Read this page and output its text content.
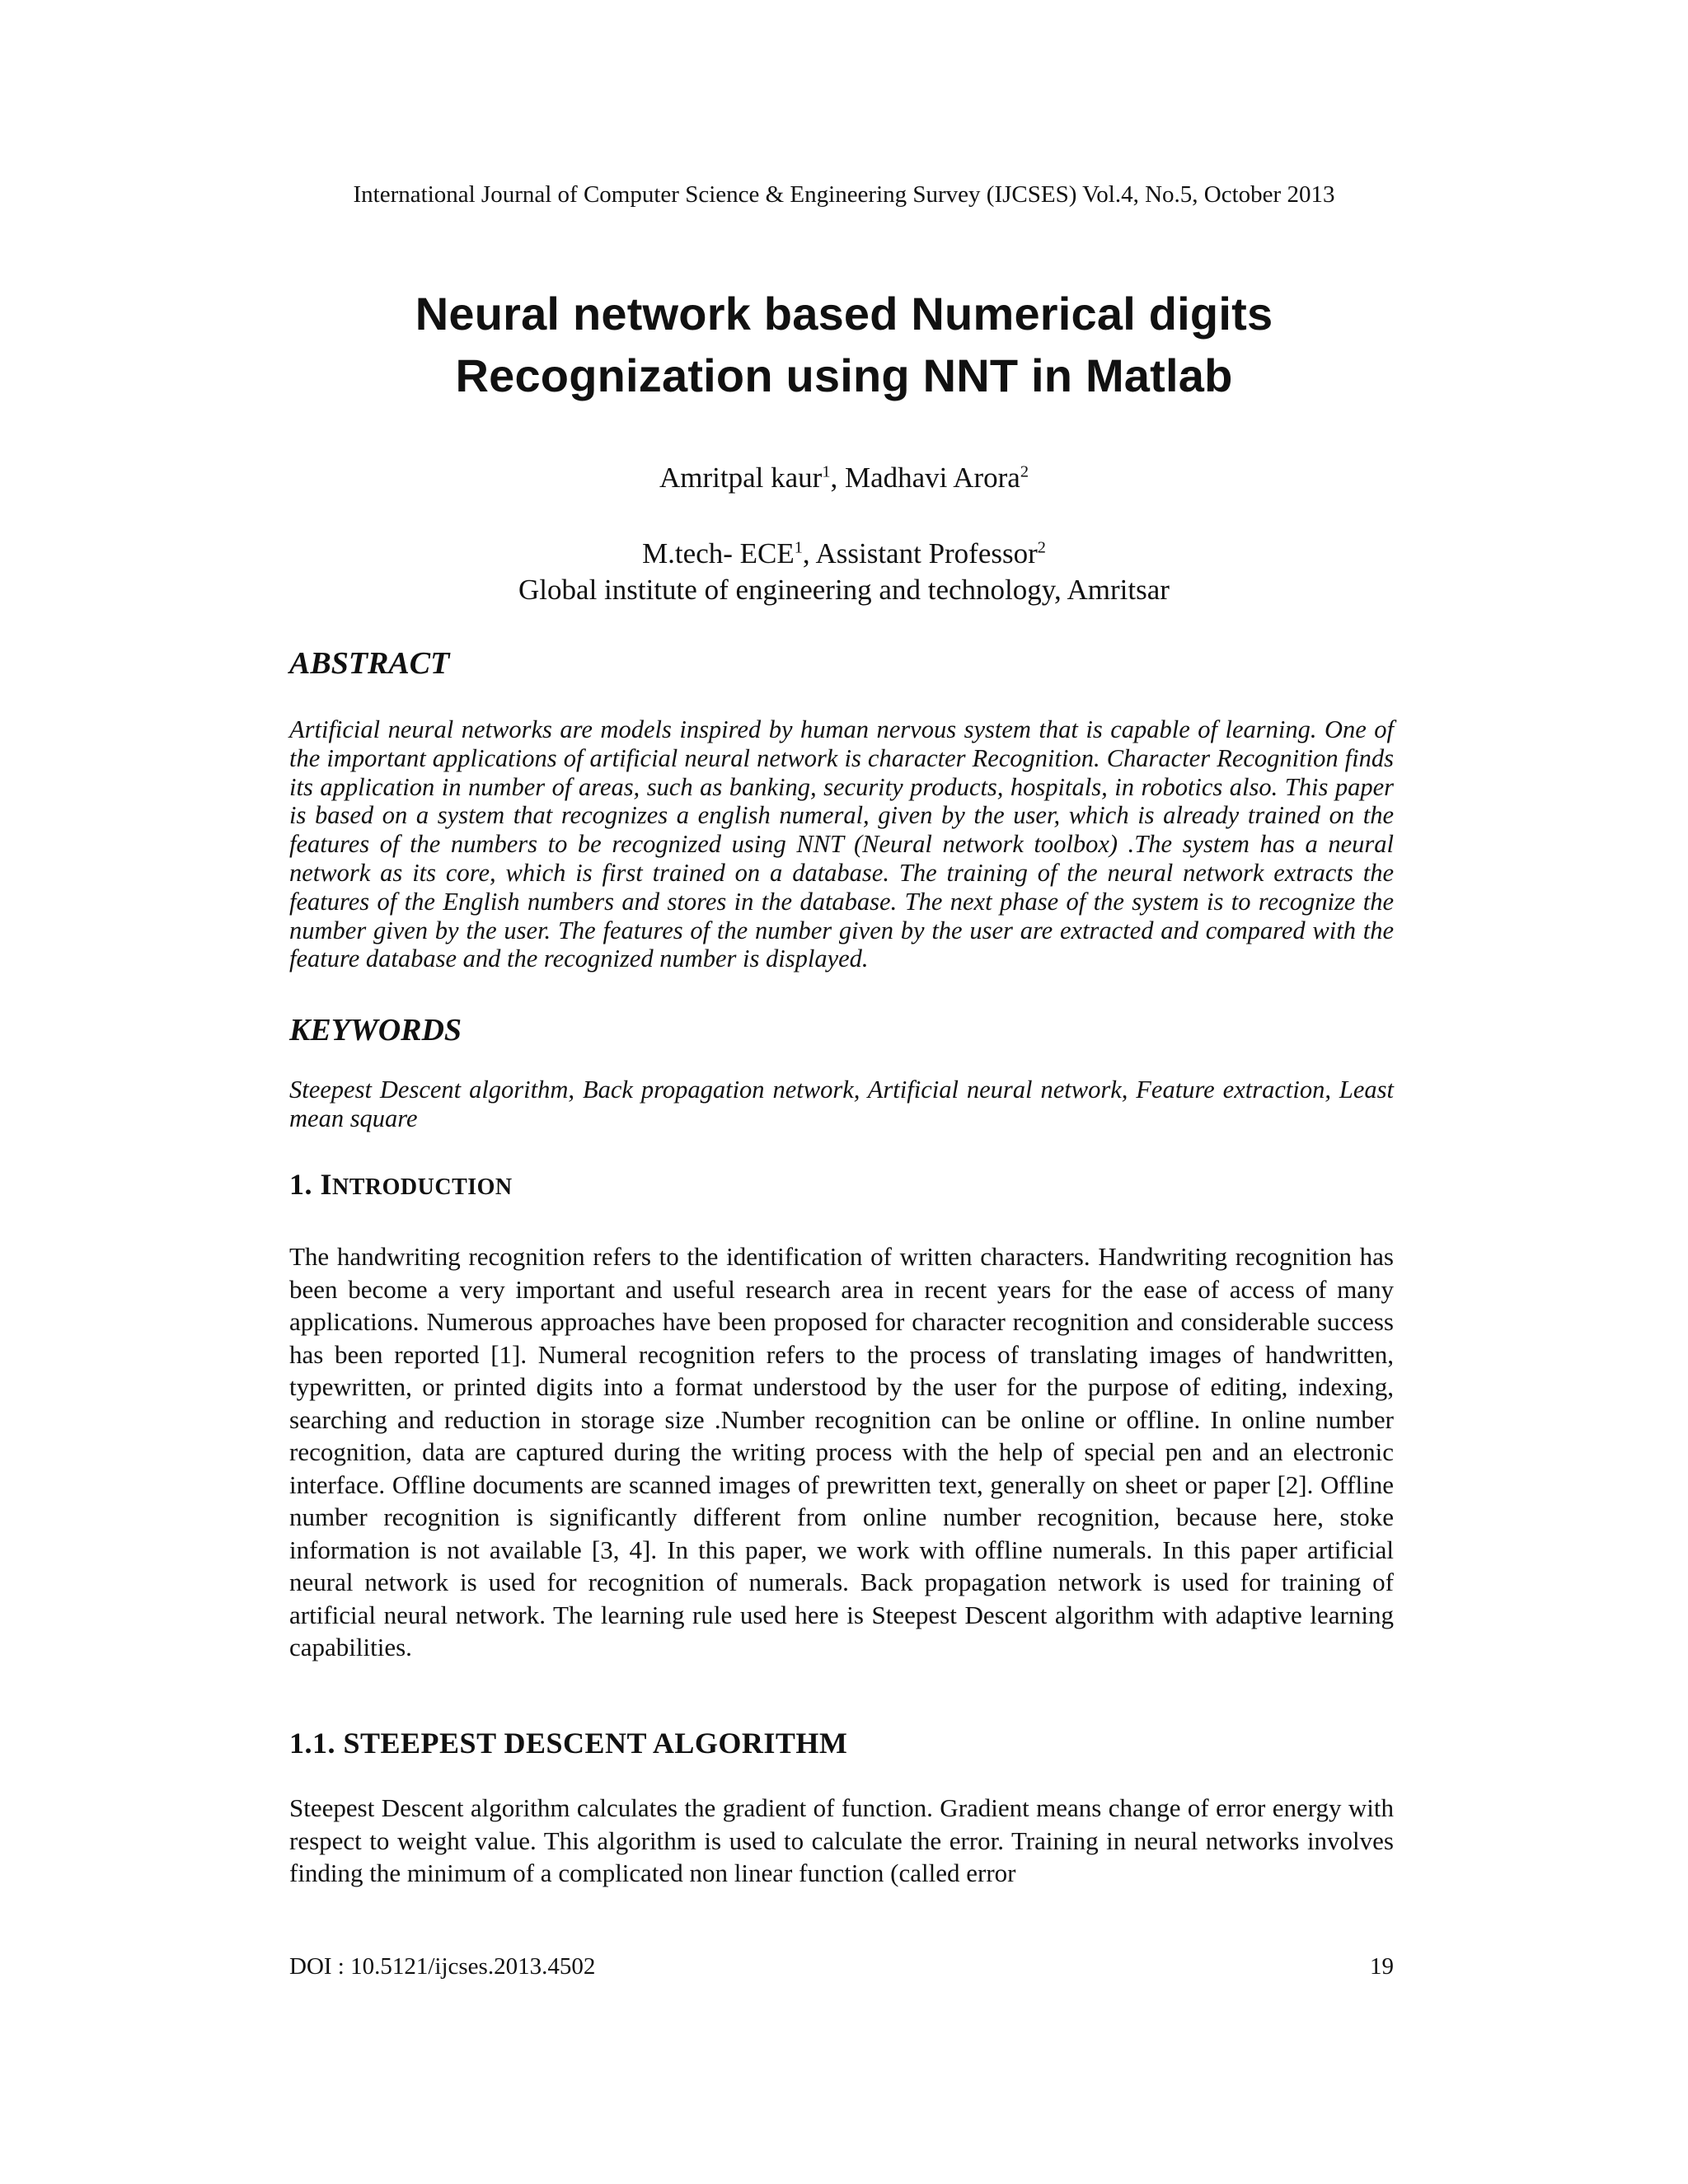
International Journal of Computer Science & Engineering Survey (IJCSES) Vol.4, No.5, October 2013
Neural network based Numerical digits
Recognization using NNT in Matlab
Amritpal kaur$^1$, Madhavi Arora$^2$
M.tech- ECE$^1$, Assistant Professor$^2$
Global institute of engineering and technology, Amritsar
ABSTRACT

Artificial neural networks are models inspired by human nervous system that is capable of learning. One of the important applications of artificial neural network is character Recognition. Character Recognition finds its application in number of areas, such as banking, security products, hospitals, in robotics also. This paper is based on a system that recognizes a english numeral, given by the user, which is already trained on the features of the numbers to be recognized using NNT (Neural network toolbox) .The system has a neural network as its core, which is first trained on a database. The training of the neural network extracts the features of the English numbers and stores in the database. The next phase of the system is to recognize the number given by the user. The features of the number given by the user are extracted and compared with the feature database and the recognized number is displayed.

KEYWORDS

Steepest Descent algorithm, Back propagation network, Artificial neural network, Feature extraction, Least mean square

1. INTRODUCTION

The handwriting recognition refers to the identification of written characters. Handwriting recognition has been become a very important and useful research area in recent years for the ease of access of many applications. Numerous approaches have been proposed for character recognition and considerable success has been reported [1]. Numeral recognition refers to the process of translating images of handwritten, typewritten, or printed digits into a format understood by the user for the purpose of editing, indexing, searching and reduction in storage size .Number recognition can be online or offline. In online number recognition, data are captured during the writing process with the help of special pen and an electronic interface. Offline documents are scanned images of prewritten text, generally on sheet or paper [2]. Offline number recognition is significantly different from online number recognition, because here, stoke information is not available [3, 4]. In this paper, we work with offline numerals. In this paper artificial neural network is used for recognition of numerals. Back propagation network is used for training of artificial neural network. The learning rule used here is Steepest Descent algorithm with adaptive learning capabilities.

1.1. STEEPEST DESCENT ALGORITHM

Steepest Descent algorithm calculates the gradient of function. Gradient means change of error energy with respect to weight value. This algorithm is used to calculate the error. Training in neural networks involves finding the minimum of a complicated non linear function (called error

DOI : 10.5121/ijcses.2013.4502	19
